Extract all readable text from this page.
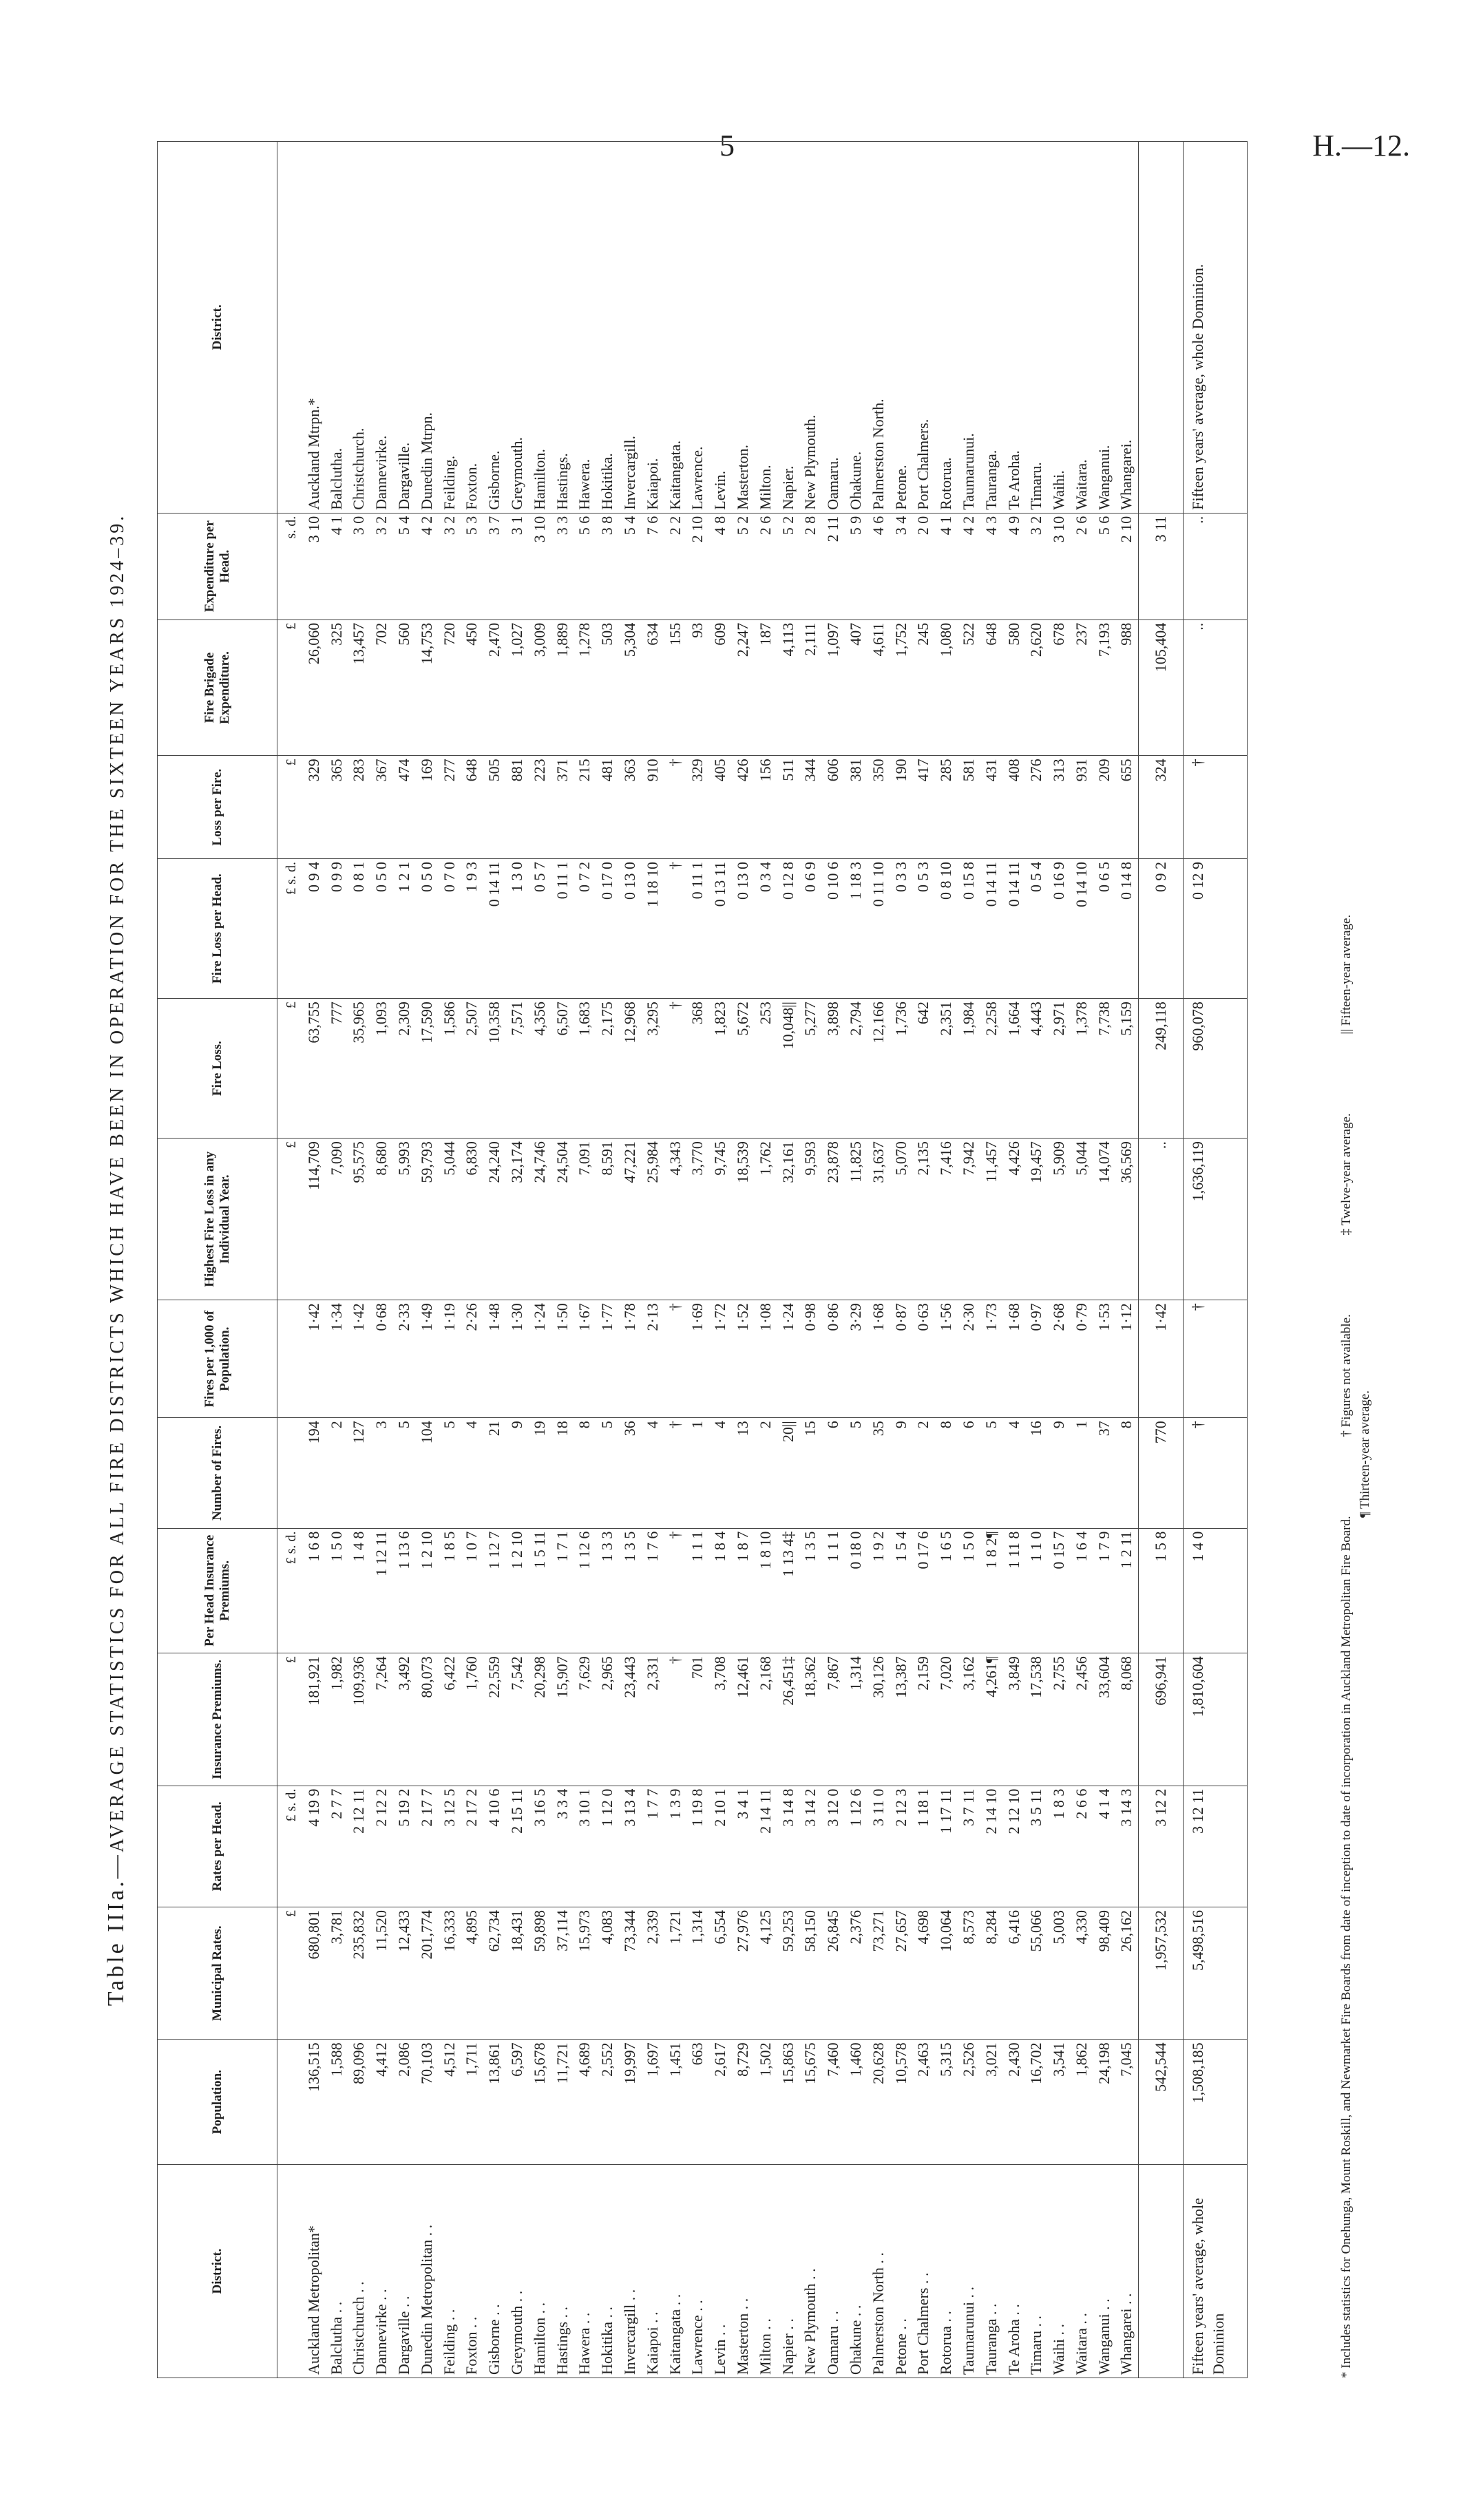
5	H.—12.
Table IIIa.—AVERAGE STATISTICS FOR ALL FIRE DISTRICTS WHICH HAVE BEEN IN OPERATION FOR THE SIXTEEN YEARS 1924–39.
District.	Population.	Municipal Rates.	Rates per Head.	Insurance Premiums.	Per Head Insurance Premiums.	Number of Fires.	Fires per 1,000 of Population.	Highest Fire Loss in any Individual Year.	Fire Loss.	Fire Loss per Head.	Loss per Fire.	Fire Brigade Expenditure.	Expenditure per Head.	District.
		£	£ s. d.	£	£ s. d.			£	£	£ s. d.	£	£	s. d.	
Auckland Metropolitan*	136,515	680,801	4 19 9	181,921	1 6 8	194	1·42	114,709	63,755	0 9 4	329	26,060	3 10	Auckland Mtrpn.*
Balclutha . .	1,588	3,781	2 7 7	1,982	1 5 0	2	1·34	7,090	777	0 9 9	365	325	4 1	Balclutha.
Christchurch . .	89,096	235,832	2 12 11	109,936	1 4 8	127	1·42	95,575	35,965	0 8 1	283	13,457	3 0	Christchurch.
Dannevirke . .	4,412	11,520	2 12 2	7,264	1 12 11	3	0·68	8,680	1,093	0 5 0	367	702	3 2	Dannevirke.
Dargaville . .	2,086	12,433	5 19 2	3,492	1 13 6	5	2·33	5,993	2,309	1 2 1	474	560	5 4	Dargaville.
Dunedin Metropolitan . .	70,103	201,774	2 17 7	80,073	1 2 10	104	1·49	59,793	17,590	0 5 0	169	14,753	4 2	Dunedin Mtrpn.
Feilding . .	4,512	16,333	3 12 5	6,422	1 8 5	5	1·19	5,044	1,586	0 7 0	277	720	3 2	Feilding.
Foxton . .	1,711	4,895	2 17 2	1,760	1 0 7	4	2·26	6,830	2,507	1 9 3	648	450	5 3	Foxton.
Gisborne . .	13,861	62,734	4 10 6	22,559	1 12 7	21	1·48	24,240	10,358	0 14 11	505	2,470	3 7	Gisborne.
Greymouth . .	6,597	18,431	2 15 11	7,542	1 2 10	9	1·30	32,174	7,571	1 3 0	881	1,027	3 1	Greymouth.
Hamilton . .	15,678	59,898	3 16 5	20,298	1 5 11	19	1·24	24,746	4,356	0 5 7	223	3,009	3 10	Hamilton.
Hastings . .	11,721	37,114	3 3 4	15,907	1 7 1	18	1·50	24,504	6,507	0 11 1	371	1,889	3 3	Hastings.
Hawera . .	4,689	15,973	3 10 1	7,629	1 12 6	8	1·67	7,091	1,683	0 7 2	215	1,278	5 6	Hawera.
Hokitika . .	2,552	4,083	1 12 0	2,965	1 3 3	5	1·77	8,591	2,175	0 17 0	481	503	3 8	Hokitika.
Invercargill . .	19,997	73,344	3 13 4	23,443	1 3 5	36	1·78	47,221	12,968	0 13 0	363	5,304	5 4	Invercargill.
Kaiapoi . .	1,697	2,339	1 7 7	2,331	1 7 6	4	2·13	25,984	3,295	1 18 10	910	634	7 6	Kaiapoi.
Kaitangata . .	1,451	1,721	1 3 9	†	†	†	†	4,343	†	†	†	155	2 2	Kaitangata.
Lawrence . .	663	1,314	1 19 8	701	1 1 1	1	1·69	3,770	368	0 11 1	329	93	2 10	Lawrence.
Levin . .	2,617	6,554	2 10 1	3,708	1 8 4	4	1·72	9,745	1,823	0 13 11	405	609	4 8	Levin.
Masterton . .	8,729	27,976	3 4 1	12,461	1 8 7	13	1·52	18,539	5,672	0 13 0	426	2,247	5 2	Masterton.
Milton . .	1,502	4,125	2 14 11	2,168	1 8 10	2	1·08	1,762	253	0 3 4	156	187	2 6	Milton.
Napier . .	15,863	59,253	3 14 8	26,451‡	1 13 4‡	20||	1·24	32,161	10,048||	0 12 8	511	4,113	5 2	Napier.
New Plymouth . .	15,675	58,150	3 14 2	18,362	1 3 5	15	0·98	9,593	5,277	0 6 9	344	2,111	2 8	New Plymouth.
Oamaru . .	7,460	26,845	3 12 0	7,867	1 1 1	6	0·86	23,878	3,898	0 10 6	606	1,097	2 11	Oamaru.
Ohakune . .	1,460	2,376	1 12 6	1,314	0 18 0	5	3·29	11,825	2,794	1 18 3	381	407	5 9	Ohakune.
Palmerston North . .	20,628	73,271	3 11 0	30,126	1 9 2	35	1·68	31,637	12,166	0 11 10	350	4,611	4 6	Palmerston North.
Petone . .	10,578	27,657	2 12 3	13,387	1 5 4	9	0·87	5,070	1,736	0 3 3	190	1,752	3 4	Petone.
Port Chalmers . .	2,463	4,698	1 18 1	2,159	0 17 6	2	0·63	2,135	642	0 5 3	417	245	2 0	Port Chalmers.
Rotorua . .	5,315	10,064	1 17 11	7,020	1 6 5	8	1·56	7,416	2,351	0 8 10	285	1,080	4 1	Rotorua.
Taumarunui . .	2,526	8,573	3 7 11	3,162	1 5 0	6	2·30	7,942	1,984	0 15 8	581	522	4 2	Taumarunui.
Tauranga . .	3,021	8,284	2 14 10	4,261¶	1 8 2¶	5	1·73	11,457	2,258	0 14 11	431	648	4 3	Tauranga.
Te Aroha . .	2,430	6,416	2 12 10	3,849	1 11 8	4	1·68	4,426	1,664	0 14 11	408	580	4 9	Te Aroha.
Timaru . .	16,702	55,066	3 5 11	17,538	1 1 0	16	0·97	19,457	4,443	0 5 4	276	2,620	3 2	Timaru.
Waihi . .	3,541	5,003	1 8 3	2,755	0 15 7	9	2·68	5,909	2,971	0 16 9	313	678	3 10	Waihi.
Waitara . .	1,862	4,330	2 6 6	2,456	1 6 4	1	0·79	5,044	1,378	0 14 10	931	237	2 6	Waitara.
Wanganui . .	24,198	98,409	4 1 4	33,604	1 7 9	37	1·53	14,074	7,738	0 6 5	209	7,193	5 6	Wanganui.
Whangarei . .	7,045	26,162	3 14 3	8,068	1 2 11	8	1·12	36,569	5,159	0 14 8	655	988	2 10	Whangarei.
	542,544	1,957,532	3 12 2	696,941	1 5 8	770	1·42	..	249,118	0 9 2	324	105,404	3 11	
Fifteen years' average, whole Dominion	1,508,185	5,498,516	3 12 11	1,810,604	1 4 0	†	†	1,636,119	960,078	0 12 9	†	..	..	Fifteen years' average, whole Dominion.
* Includes statistics for Onehunga, Mount Roskill, and Newmarket Fire Boards from date of inception to date of incorporation in Auckland Metropolitan Fire Board. † Figures not available. ‡ Twelve-year average. || Fifteen-year average.
¶ Thirteen-year average.
